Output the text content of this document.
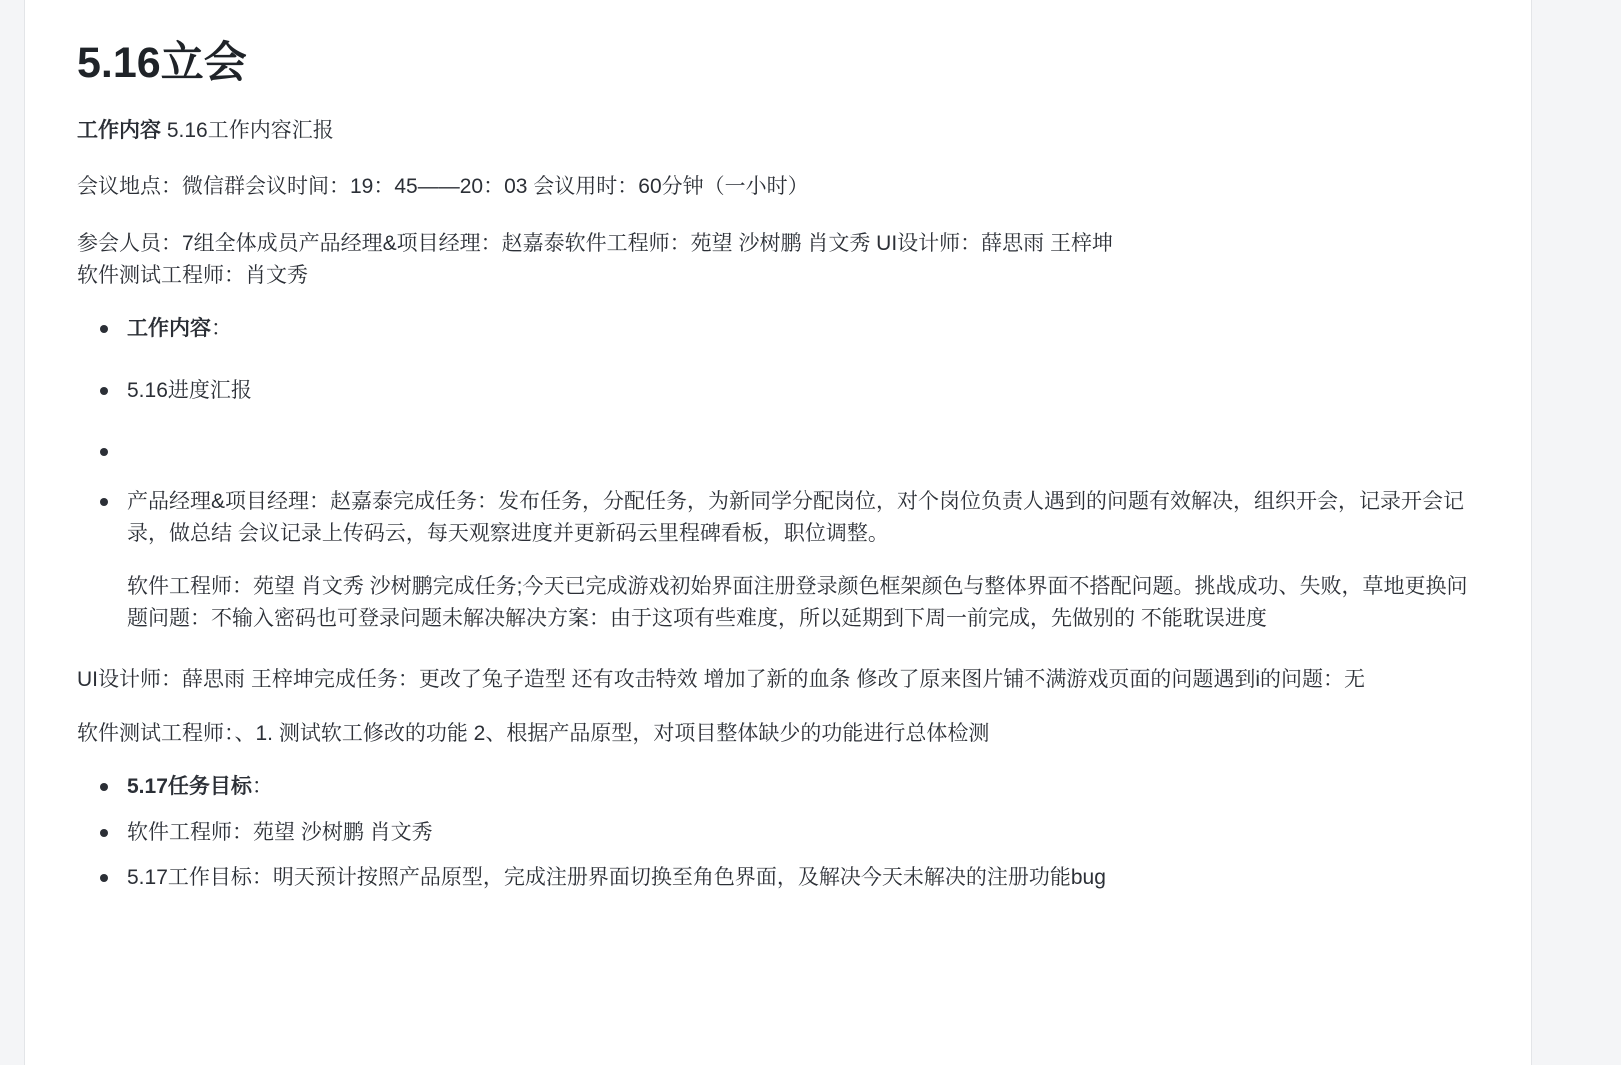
5.16立会

工作内容 5.16工作内容汇报

会议地点：微信群会议时间：19：45——20：03 会议用时：60分钟（一小时）

参会人员：7组全体成员产品经理&项目经理：赵嘉泰软件工程师：苑望 沙树鹏 肖文秀 UI设计师：薛思雨 王梓坤
软件测试工程师：肖文秀
工作内容：
5.16进度汇报
产品经理&项目经理：赵嘉泰完成任务：发布任务，分配任务，为新同学分配岗位，对个岗位负责人遇到的问题有效解决，组织开会，记录开会记录，做总结 会议记录上传码云，每天观察进度并更新码云里程碑看板，职位调整。
软件工程师：苑望 肖文秀 沙树鹏完成任务;今天已完成游戏初始界面注册登录颜色框架颜色与整体界面不搭配问题。挑战成功、失败，草地更换问题问题：不输入密码也可登录问题未解决解决方案：由于这项有些难度，所以延期到下周一前完成，先做别的 不能耽误进度
UI设计师：薛思雨 王梓坤完成任务：更改了兔子造型 还有攻击特效 增加了新的血条 修改了原来图片铺不满游戏页面的问题遇到i的问题：无
软件测试工程师：、1. 测试软工修改的功能 2、根据产品原型，对项目整体缺少的功能进行总体检测
5.17任务目标：
软件工程师：苑望 沙树鹏 肖文秀
5.17工作目标：明天预计按照产品原型，完成注册界面切换至角色界面，及解决今天未解决的注册功能bug
